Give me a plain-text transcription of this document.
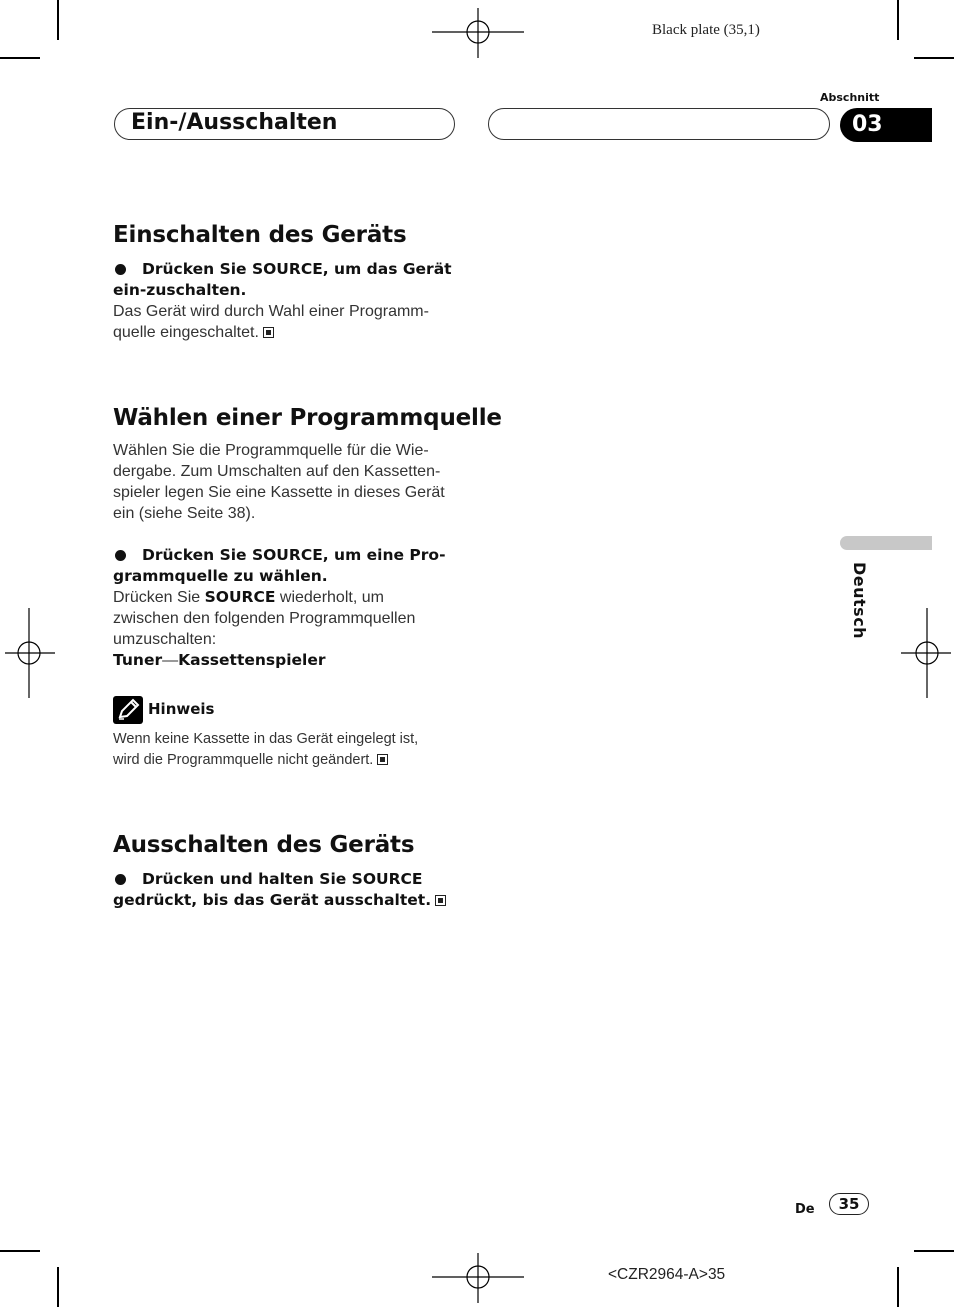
Black plate (35,1)
Ein-/Ausschalten
Abschnitt
03
Einschalten des Geräts
Drücken Sie SOURCE, um das Gerät ein-zuschalten.
Das Gerät wird durch Wahl einer Programm-
quelle eingeschaltet.
Wählen einer Programmquelle
Wählen Sie die Programmquelle für die Wie-
dergabe. Zum Umschalten auf den Kassetten-
spieler legen Sie eine Kassette in dieses Gerät
ein (siehe Seite 38).
Drücken Sie SOURCE, um eine Pro-
grammquelle zu wählen.
Drücken Sie SOURCE wiederholt, um
zwischen den folgenden Programmquellen
umzuschalten:
Tuner—Kassettenspieler
Hinweis
Wenn keine Kassette in das Gerät eingelegt ist,
wird die Programmquelle nicht geändert.
Ausschalten des Geräts
Drücken und halten Sie SOURCE
gedrückt, bis das Gerät ausschaltet.
Deutsch
De	35
<CZR2964-A>35
